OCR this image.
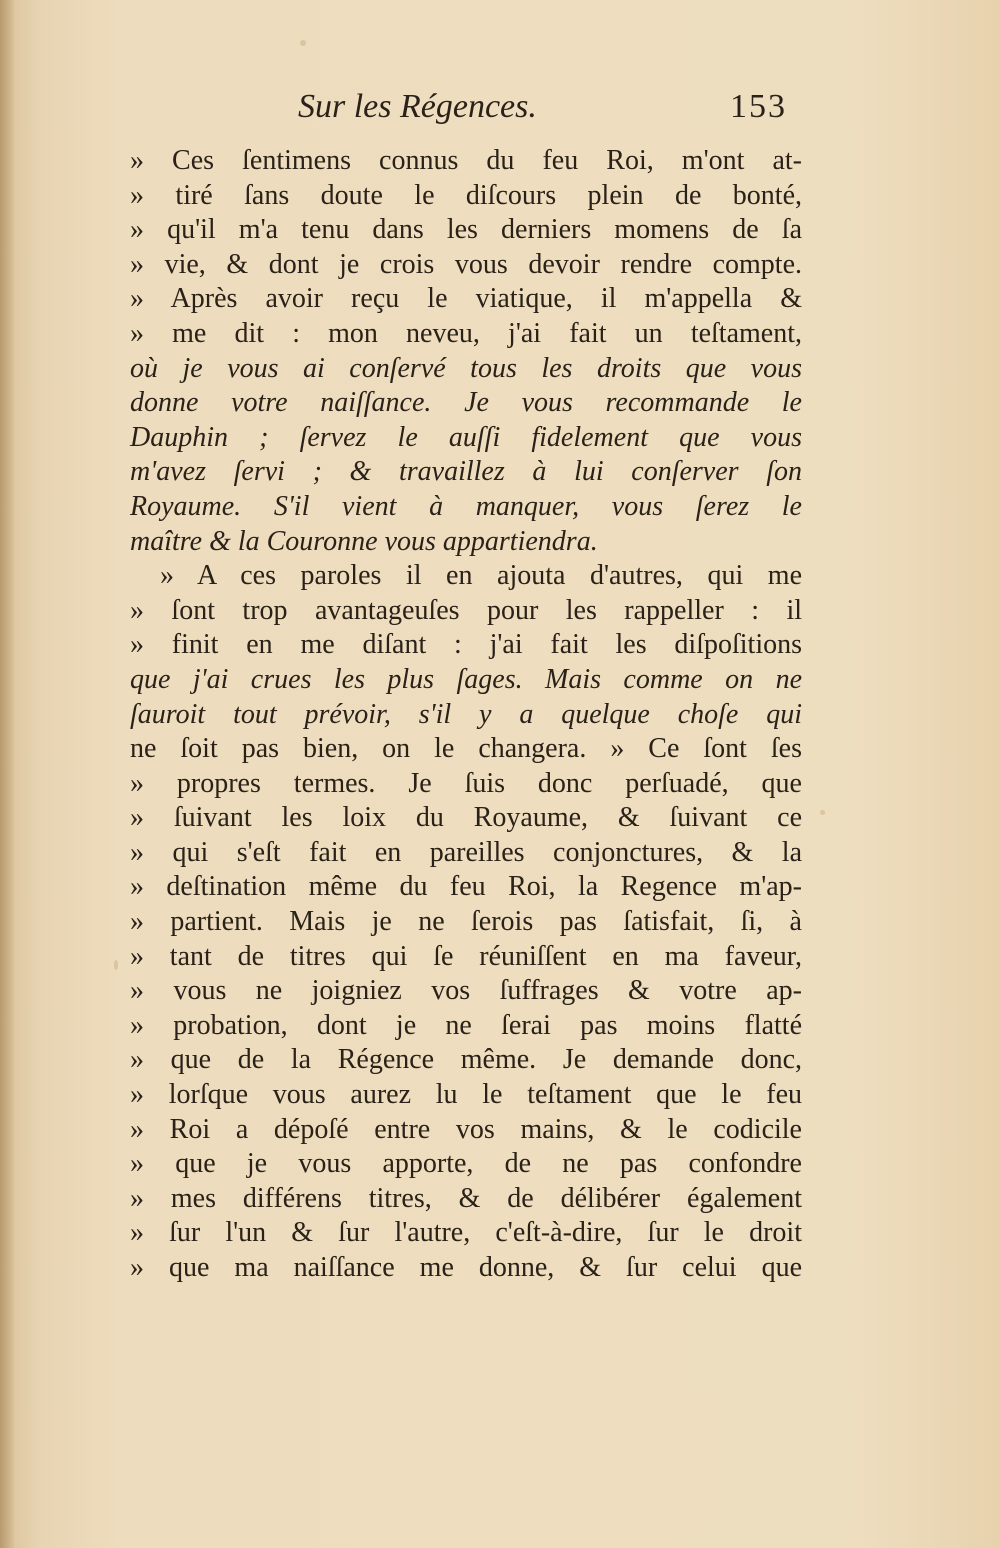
Sur les Régences.	153
» Ces ſentimens connus du feu Roi, m'ont at-
» tiré ſans doute le diſcours plein de bonté,
» qu'il m'a tenu dans les derniers momens de ſa
» vie, & dont je crois vous devoir rendre compte.
» Après avoir reçu le viatique, il m'appella &
» me dit : mon neveu, j'ai fait un teſtament,
où je vous ai conſervé tous les droits que vous
donne votre naiſſance. Je vous recommande le
Dauphin ; ſervez le auſſi fidelement que vous
m'avez ſervi ; & travaillez à lui conſerver ſon
Royaume. S'il vient à manquer, vous ſerez le
maître & la Couronne vous appartiendra.
» A ces paroles il en ajouta d'autres, qui me
» ſont trop avantageuſes pour les rappeller : il
» finit en me diſant : j'ai fait les diſpoſitions
que j'ai crues les plus ſages. Mais comme on ne
ſauroit tout prévoir, s'il y a quelque choſe qui
ne ſoit pas bien, on le changera. » Ce ſont ſes
» propres termes. Je ſuis donc perſuadé, que
» ſuivant les loix du Royaume, & ſuivant ce
» qui s'eſt fait en pareilles conjonctures, & la
» deſtination même du feu Roi, la Regence m'ap-
» partient. Mais je ne ſerois pas ſatisfait, ſi, à
» tant de titres qui ſe réuniſſent en ma faveur,
» vous ne joigniez vos ſuffrages & votre ap-
» probation, dont je ne ſerai pas moins flatté
» que de la Régence même. Je demande donc,
» lorſque vous aurez lu le teſtament que le feu
» Roi a dépoſé entre vos mains, & le codicile
» que je vous apporte, de ne pas confondre
» mes différens titres, & de délibérer également
» ſur l'un & ſur l'autre, c'eſt-à-dire, ſur le droit
» que ma naiſſance me donne, & ſur celui que
